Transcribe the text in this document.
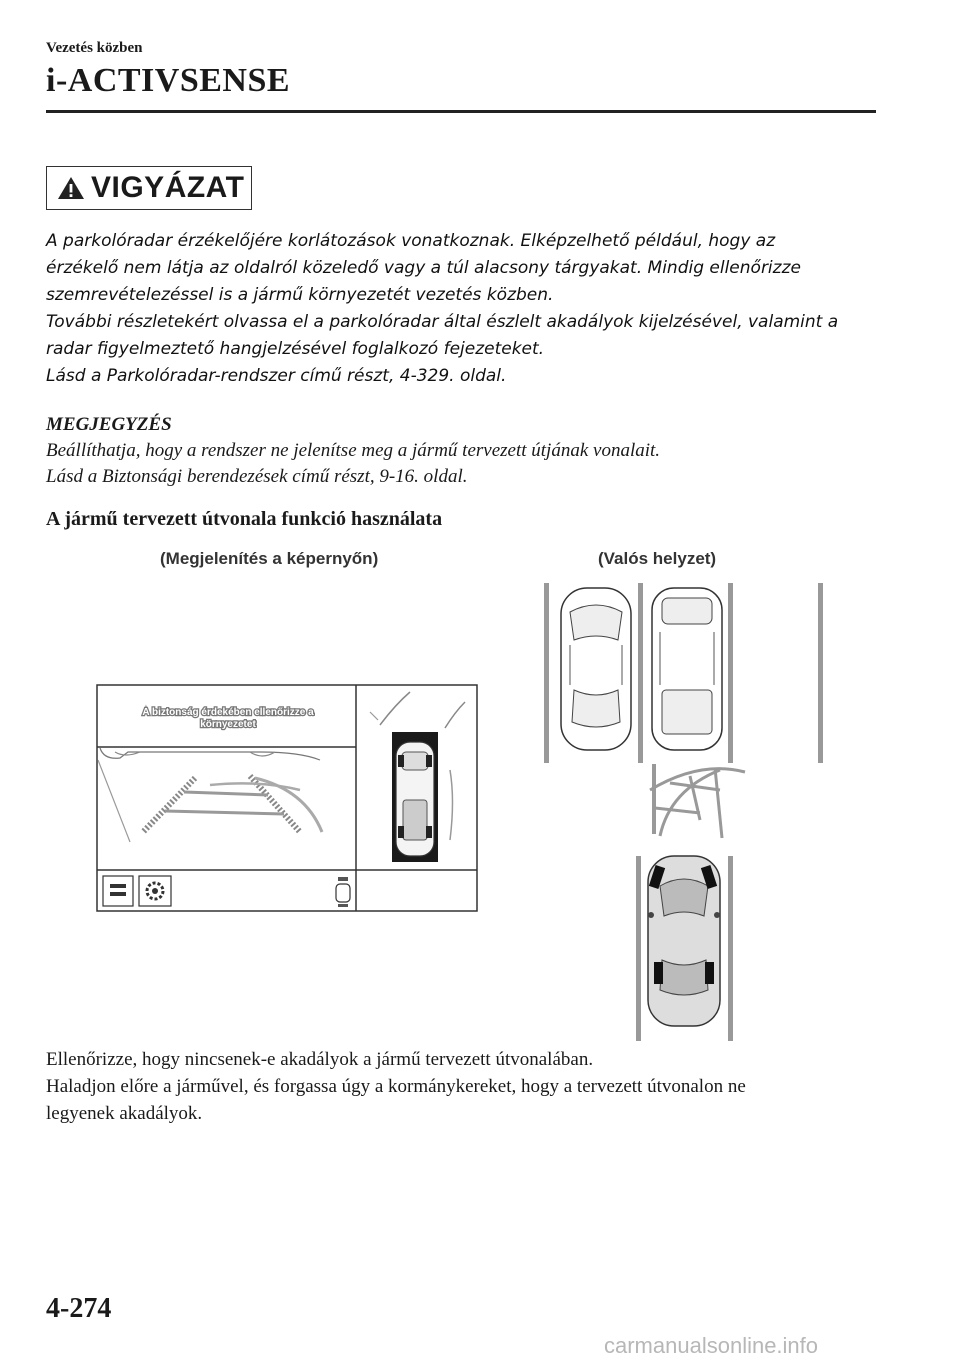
Vezetés közben
i-ACTIVSENSE
VIGYÁZAT

A parkolóradar érzékelőjére korlátozások vonatkoznak. Elképzelhető például, hogy az

érzékelő nem látja az oldalról közeledő vagy a túl alacsony tárgyakat. Mindig ellenőrizze

szemrevételezéssel is a jármű környezetét vezetés közben.

További részletekért olvassa el a parkolóradar által észlelt akadályok kijelzésével, valamint a

radar figyelmeztető hangjelzésével foglalkozó fejezeteket.

Lásd a Parkolóradar-rendszer című részt, 4-329. oldal.

MEGJEGYZÉS

Beállíthatja, hogy a rendszer ne jelenítse meg a jármű tervezett útjának vonalait.

Lásd a Biztonsági berendezések című részt, 9-16. oldal.

A jármű tervezett útvonala funkció használata
(Megjelenítés a képernyőn)	(Valós helyzet)
A biztonság érdekében ellenőrizze a
környezetet

Ellenőrizze, hogy nincsenek-e akadályok a jármű tervezett útvonalában.

Haladjon előre a járművel, és forgassa úgy a kormánykereket, hogy a tervezett útvonalon ne

legyenek akadályok.

4-274
carmanualsonline.info
